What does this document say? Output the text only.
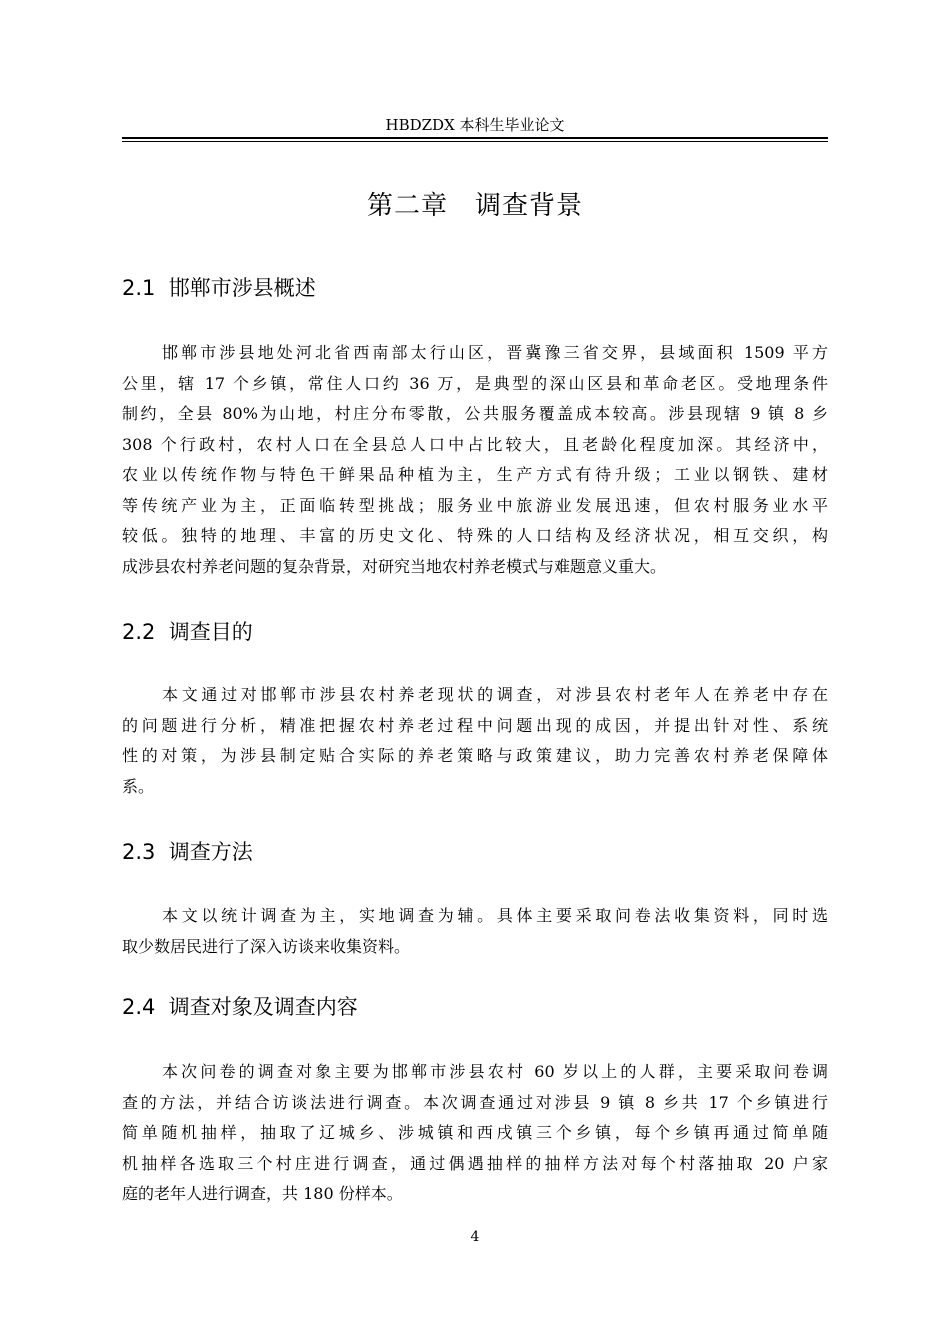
HBDZDX 本科生毕业论文
第二章　调查背景
2.1  邯郸市涉县概述
邯郸市涉县地处河北省西南部太行山区，晋冀豫三省交界，县域面积 1509 平方
公里，辖 17 个乡镇，常住人口约 36 万，是典型的深山区县和革命老区。受地理条件
制约，全县 80%为山地，村庄分布零散，公共服务覆盖成本较高。涉县现辖 9 镇 8 乡
308 个行政村，农村人口在全县总人口中占比较大，且老龄化程度加深。其经济中，
农业以传统作物与特色干鲜果品种植为主，生产方式有待升级；工业以钢铁、建材
等传统产业为主，正面临转型挑战；服务业中旅游业发展迅速，但农村服务业水平
较低。独特的地理、丰富的历史文化、特殊的人口结构及经济状况，相互交织，构
成涉县农村养老问题的复杂背景，对研究当地农村养老模式与难题意义重大。
2.2  调查目的
本文通过对邯郸市涉县农村养老现状的调查，对涉县农村老年人在养老中存在
的问题进行分析，精准把握农村养老过程中问题出现的成因，并提出针对性、系统
性的对策，为涉县制定贴合实际的养老策略与政策建议，助力完善农村养老保障体
系。
2.3  调查方法
本文以统计调查为主，实地调查为辅。具体主要采取问卷法收集资料，同时选
取少数居民进行了深入访谈来收集资料。
2.4  调查对象及调查内容
本次问卷的调查对象主要为邯郸市涉县农村 60 岁以上的人群，主要采取问卷调
查的方法，并结合访谈法进行调查。本次调查通过对涉县 9 镇 8 乡共 17 个乡镇进行
简单随机抽样，抽取了辽城乡、涉城镇和西戌镇三个乡镇，每个乡镇再通过简单随
机抽样各选取三个村庄进行调查，通过偶遇抽样的抽样方法对每个村落抽取 20 户家
庭的老年人进行调查，共 180 份样本。
4
